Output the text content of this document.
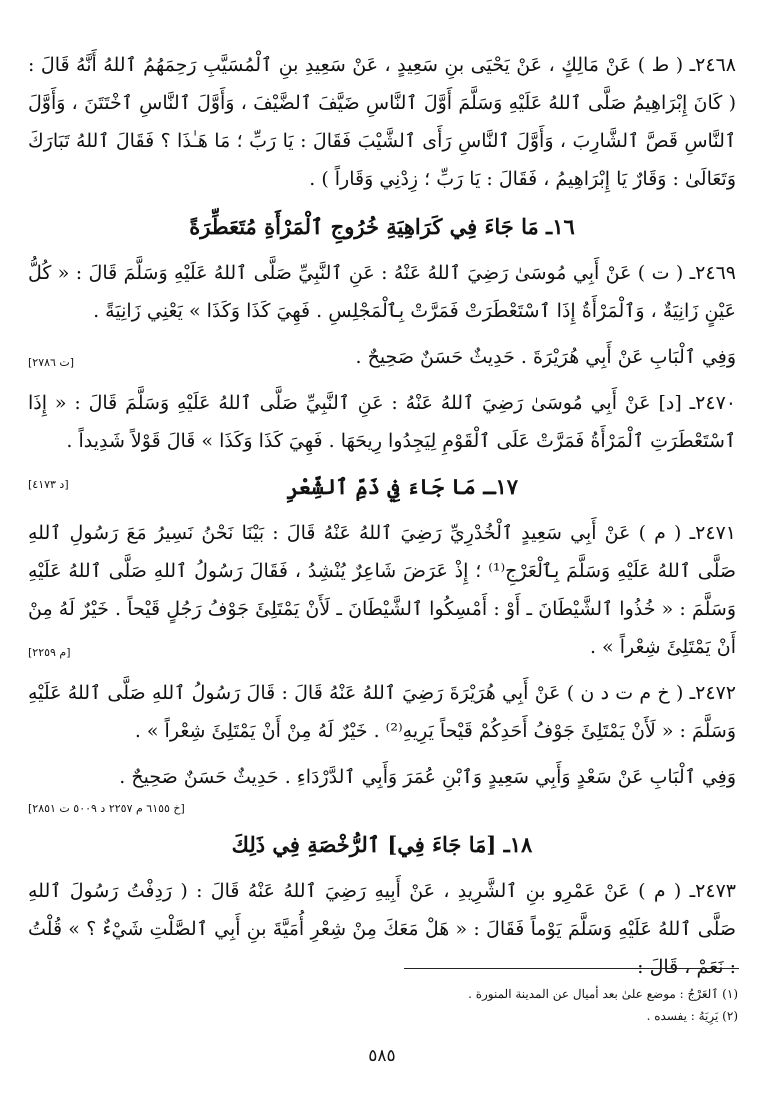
٢٤٦٨ـ ( ط ) عَنْ مَالِكٍ ، عَنْ يَحْيَى بنِ سَعِيدٍ ، عَنْ سَعِيدِ بنِ ٱلْمُسَيَّبِ رَحِمَهُمُ ٱللهُ أَنَّهُ قَالَ : ( كَانَ إِبْرَاهِيمُ صَلَّى ٱللهُ عَلَيْهِ وَسَلَّمَ أَوَّلَ ٱلنَّاسِ ضَيَّفَ ٱلضَّيْفَ ، وَأَوَّلَ ٱلنَّاسِ ٱخْتَتَنَ ، وَأَوَّلَ ٱلنَّاسِ قَصَّ ٱلشَّارِبَ ، وَأَوَّلَ ٱلنَّاسِ رَأَى ٱلشَّيْبَ فَقَالَ : يَا رَبِّ ؛ مَا هَـٰذَا ؟ فَقَالَ ٱللهُ تَبَارَكَ وَتَعَالَىٰ : وَقَارٌ يَا إِبْرَاهِيمُ ، فَقَالَ : يَا رَبِّ ؛ زِدْنِي وَقَاراً ) .

١٦ـ مَا جَاءَ فِي كَرَاهِيَةِ خُرُوجِ ٱلْمَرْأَةِ مُتَعَطِّرَةً

٢٤٦٩ـ ( ت ) عَنْ أَبِي مُوسَىٰ رَضِيَ ٱللهُ عَنْهُ : عَنِ ٱلنَّبِيِّ صَلَّى ٱللهُ عَلَيْهِ وَسَلَّمَ قَالَ : « كُلُّ عَيْنٍ زَانِيَةٌ ، وَٱلْمَرْأَةُ إِذَا ٱسْتَعْطَرَتْ فَمَرَّتْ بِٱلْمَجْلِسِ . فَهِيَ كَذَا وَكَذَا » يَعْنِي زَانِيَةً .

[ت ٢٧٨٦]	وَفِي ٱلْبَابِ عَنْ أَبِي هُرَيْرَةَ . حَدِيثٌ حَسَنٌ صَحِيحٌ .

٢٤٧٠ـ [د] عَنْ أَبِي مُوسَىٰ رَضِيَ ٱللهُ عَنْهُ : عَنِ ٱلنَّبِيِّ صَلَّى ٱللهُ عَلَيْهِ وَسَلَّمَ قَالَ : « إِذَا ٱسْتَعْطَرَتِ ٱلْمَرْأَةُ فَمَرَّتْ عَلَى ٱلْقَوْمِ لِيَجِدُوا رِيحَهَا . فَهِيَ كَذَا وَكَذَا » قَالَ قَوْلاً شَدِيداً .
[د ٤١٧٣]	١٧ـ مَا جَاءَ فِي ذَمِّ ٱلشِّعْرِ

٢٤٧١ـ ( م ) عَنْ أَبِي سَعِيدٍ ٱلْخُدْرِيِّ رَضِيَ ٱللهُ عَنْهُ قَالَ : بَيْنَا نَحْنُ نَسِيرُ مَعَ رَسُولِ ٱللهِ صَلَّى ٱللهُ عَلَيْهِ وَسَلَّمَ بِٱلْعَرْجِ⁽¹⁾ ؛ إِذْ عَرَضَ شَاعِرٌ يُنْشِدُ ، فَقَالَ رَسُولُ ٱللهِ صَلَّى ٱللهُ عَلَيْهِ وَسَلَّمَ : « خُذُوا ٱلشَّيْطَانَ ـ أَوْ : أَمْسِكُوا ٱلشَّيْطَانَ ـ لَأَنْ يَمْتَلِئَ جَوْفُ رَجُلٍ قَيْحاً . خَيْرٌ لَهُ مِنْ أَنْ يَمْتَلِئَ شِعْراً » .
[م ٢٢٥٩]

٢٤٧٢ـ ( خ م ت د ن ) عَنْ أَبِي هُرَيْرَةَ رَضِيَ ٱللهُ عَنْهُ قَالَ : قَالَ رَسُولُ ٱللهِ صَلَّى ٱللهُ عَلَيْهِ وَسَلَّمَ : « لَأَنْ يَمْتَلِئَ جَوْفُ أَحَدِكُمْ قَيْحاً يَرِيهِ⁽²⁾ . خَيْرٌ لَهُ مِنْ أَنْ يَمْتَلِئَ شِعْراً » .

وَفِي ٱلْبَابِ عَنْ سَعْدٍ وَأَبِي سَعِيدٍ وَٱبْنِ عُمَرَ وَأَبِي ٱلدَّرْدَاءِ . حَدِيثٌ حَسَنٌ صَحِيحٌ .

[خ ٦١٥٥ م ٢٢٥٧ د ٥٠٠٩ ت ٢٨٥١]
١٨ـ [مَا جَاءَ فِي] ٱلرُّخْصَةِ فِي ذَلِكَ

٢٤٧٣ـ ( م ) عَنْ عَمْرِو بنِ ٱلشَّرِيدِ ، عَنْ أَبِيهِ رَضِيَ ٱللهُ عَنْهُ قَالَ : ( رَدِفْتُ رَسُولَ ٱللهِ صَلَّى ٱللهُ عَلَيْهِ وَسَلَّمَ يَوْماً فَقَالَ : « هَلْ مَعَكَ مِنْ شِعْرِ أُمَيَّةَ بنِ أَبِي ٱلصَّلْتِ شَيْءٌ ؟ » قُلْتُ : نَعَمْ ، قَالَ :

(١) ٱلعَرْجُ : موضع علىٰ بعد أميال عن المدينة المنورة .
(٢) يَرِيَهُ : يفسده .
٥٨٥
